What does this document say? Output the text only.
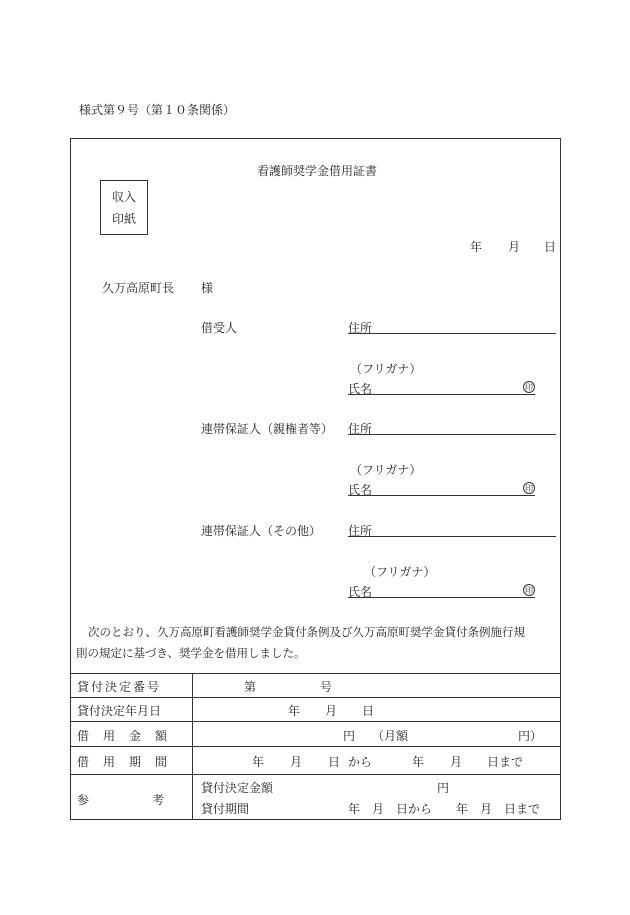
様式第９号（第１０条関係）
看護師奨学金借用証書
収入
印紙
年 月 日
久万高原町長 様
借受人	住所
（フリガナ）
氏名	印
連帯保証人（親権者等） 住所
（フリガナ）
氏名	印
連帯保証人（その他） 住所
（フリガナ）
氏名	印
次のとおり、久万高原町看護師奨学金貸付条例及び久万高原町奨学金貸付条例施行規
則の規定に基づき、奨学金を借用しました。
貸付決定番号	第	号
貸付決定年月日	年 月 日
借用金額	円 （月額	円）
借用期間	年 月 日 から	年 月 日まで
参	考
貸付決定金額	円
貸付期間	年　月　日から　　年　月　日まで
